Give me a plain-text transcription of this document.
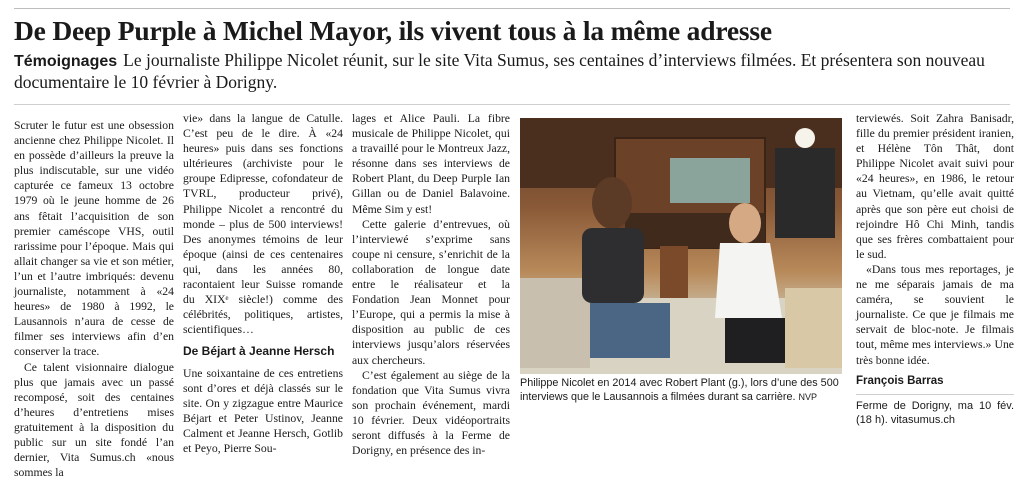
De Deep Purple à Michel Mayor, ils vivent tous à la même adresse
Témoignages Le journaliste Philippe Nicolet réunit, sur le site Vita Sumus, ses centaines d’interviews filmées. Et présentera son nouveau documentaire le 10 février à Dorigny.

Scruter le futur est une obsession ancienne chez Philippe Nicolet. Il en possède d’ailleurs la preuve la plus indiscutable, sur une vidéo capturée ce fameux 13 octobre 1979 où le jeune homme de 26 ans fêtait l’acquisition de son premier caméscope VHS, outil rarissime pour l’époque. Mais qui allait changer sa vie et son métier, l’un et l’autre imbriqués: devenu journaliste, notamment à «24 heures» de 1980 à 1992, le Lausannois n’aura de cesse de filmer ses interviews afin d’en conserver la trace.

Ce talent visionnaire dialogue plus que jamais avec un passé recomposé, soit des centaines d’heures d’entretiens mises gratuitement à la disposition du public sur un site fondé l’an dernier, Vita Sumus.ch «nous sommes la

vie» dans la langue de Catulle. C’est peu de le dire. À «24 heures» puis dans ses fonctions ultérieures (archiviste pour le groupe Edipresse, cofondateur de TVRL, producteur privé), Philippe Nicolet a rencontré du monde – plus de 500 interviews! Des anonymes témoins de leur époque (ainsi de ces centenaires qui, dans les années 80, racontaient leur Suisse romande du XIXᵉ siècle!) comme des célébrités, politiques, artistes, scientifiques…

De Béjart à Jeanne Hersch

Une soixantaine de ces entretiens sont d’ores et déjà classés sur le site. On y zigzague entre Maurice Béjart et Peter Ustinov, Jeanne Calment et Jeanne Hersch, Gotlib et Peyo, Pierre Sou-

lages et Alice Pauli. La fibre musicale de Philippe Nicolet, qui a travaillé pour le Montreux Jazz, résonne dans ses interviews de Robert Plant, du Deep Purple Ian Gillan ou de Daniel Balavoine. Même Sim y est!

Cette galerie d’entrevues, où l’interviewé s’exprime sans coupe ni censure, s’enrichit de la collaboration de longue date entre le réalisateur et la Fondation Jean Monnet pour l’Europe, qui a permis la mise à disposition au public de ces interviews jusqu’alors réservées aux chercheurs.

C’est également au siège de la fondation que Vita Sumus vivra son prochain événement, mardi 10 février. Deux vidéoportraits seront diffusés à la Ferme de Dorigny, en présence des in-

Philippe Nicolet en 2014 avec Robert Plant (g.), lors d’une des 500 interviews que le Lausannois a filmées durant sa carrière. NVP

terviewés. Soit Zahra Banisadr, fille du premier président iranien, et Hélène Tôn Thât, dont Philippe Nicolet avait suivi pour «24 heures», en 1986, le retour au Vietnam, qu’elle avait quitté après que son père eut choisi de rejoindre Hô Chi Minh, tandis que ses frères combattaient pour le sud.

«Dans tous mes reportages, je ne me séparais jamais de ma caméra, se souvient le journaliste. Ce que je filmais me servait de bloc-note. Je filmais tout, même mes interviews.» Une très bonne idée.

François Barras

Ferme de Dorigny, ma 10 fév. (18 h). vitasumus.ch
